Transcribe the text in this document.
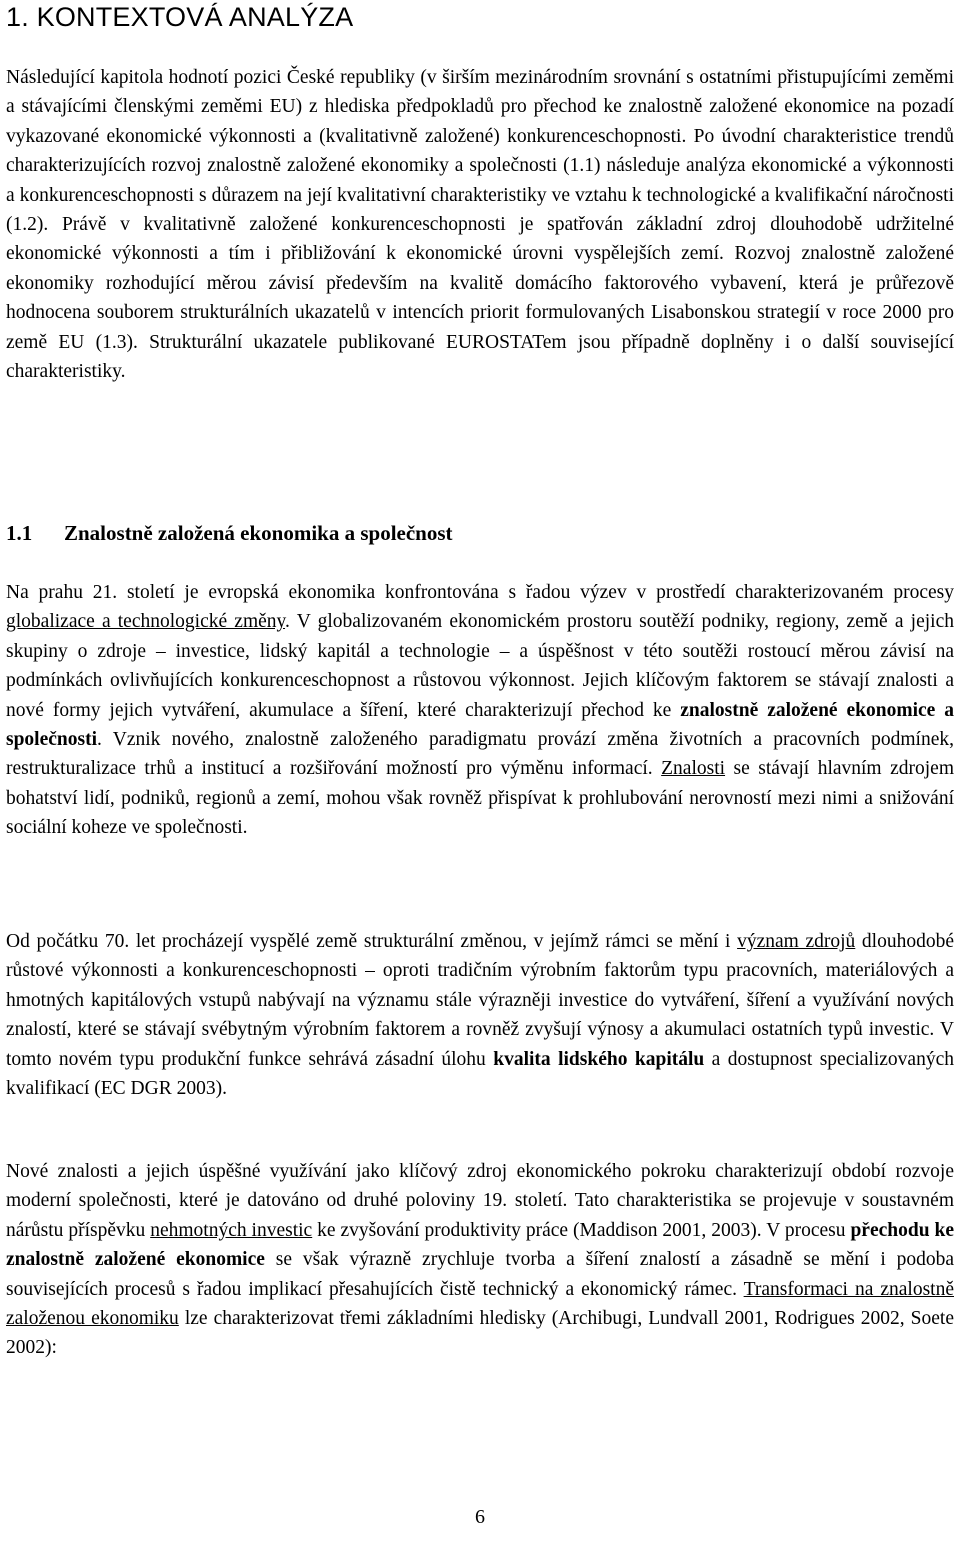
1. KONTEXTOVÁ ANALÝZA

Následující kapitola hodnotí pozici České republiky (v širším mezinárodním srovnání s ostatními přistupujícími zeměmi a stávajícími členskými zeměmi EU) z hlediska předpokladů pro přechod ke znalostně založené ekonomice na pozadí vykazované ekonomické výkonnosti a (kvalitativně založené) konkurenceschopnosti. Po úvodní charakteristice trendů charakterizujících rozvoj znalostně založené ekonomiky a společnosti (1.1) následuje analýza ekonomické a výkonnosti a konkurenceschopnosti s důrazem na její kvalitativní charakteristiky ve vztahu k technologické a kvalifikační náročnosti (1.2). Právě v kvalitativně založené konkurenceschopnosti je spatřován základní zdroj dlouhodobě udržitelné ekonomické výkonnosti a tím i přibližování k ekonomické úrovni vyspělejších zemí. Rozvoj znalostně založené ekonomiky rozhodující měrou závisí především na kvalitě domácího faktorového vybavení, která je průřezově hodnocena souborem strukturálních ukazatelů v intencích priorit formulovaných Lisabonskou strategií v roce 2000 pro země EU (1.3). Strukturální ukazatele publikované EUROSTATem jsou případně doplněny i o další související charakteristiky.

1.1 Znalostně založená ekonomika a společnost

Na prahu 21. století je evropská ekonomika konfrontována s řadou výzev v prostředí charakterizovaném procesy globalizace a technologické změny. V globalizovaném ekonomickém prostoru soutěží podniky, regiony, země a jejich skupiny o zdroje – investice, lidský kapitál a technologie – a úspěšnost v této soutěži rostoucí měrou závisí na podmínkách ovlivňujících konkurenceschopnost a růstovou výkonnost. Jejich klíčovým faktorem se stávají znalosti a nové formy jejich vytváření, akumulace a šíření, které charakterizují přechod ke znalostně založené ekonomice a společnosti. Vznik nového, znalostně založeného paradigmatu provází změna životních a pracovních podmínek, restrukturalizace trhů a institucí a rozšiřování možností pro výměnu informací. Znalosti se stávají hlavním zdrojem bohatství lidí, podniků, regionů a zemí, mohou však rovněž přispívat k prohlubování nerovností mezi nimi a snižování sociální koheze ve společnosti.

Od počátku 70. let procházejí vyspělé země strukturální změnou, v jejímž rámci se mění i význam zdrojů dlouhodobé růstové výkonnosti a konkurenceschopnosti – oproti tradičním výrobním faktorům typu pracovních, materiálových a hmotných kapitálových vstupů nabývají na významu stále výrazněji investice do vytváření, šíření a využívání nových znalostí, které se stávají svébytným výrobním faktorem a rovněž zvyšují výnosy a akumulaci ostatních typů investic. V tomto novém typu produkční funkce sehrává zásadní úlohu kvalita lidského kapitálu a dostupnost specializovaných kvalifikací (EC DGR 2003).

Nové znalosti a jejich úspěšné využívání jako klíčový zdroj ekonomického pokroku charakterizují období rozvoje moderní společnosti, které je datováno od druhé poloviny 19. století. Tato charakteristika se projevuje v soustavném nárůstu příspěvku nehmotných investic ke zvyšování produktivity práce (Maddison 2001, 2003). V procesu přechodu ke znalostně založené ekonomice se však výrazně zrychluje tvorba a šíření znalostí a zásadně se mění i podoba souvisejících procesů s řadou implikací přesahujících čistě technický a ekonomický rámec. Transformaci na znalostně založenou ekonomiku lze charakterizovat třemi základními hledisky (Archibugi, Lundvall 2001, Rodrigues 2002, Soete 2002):

6
